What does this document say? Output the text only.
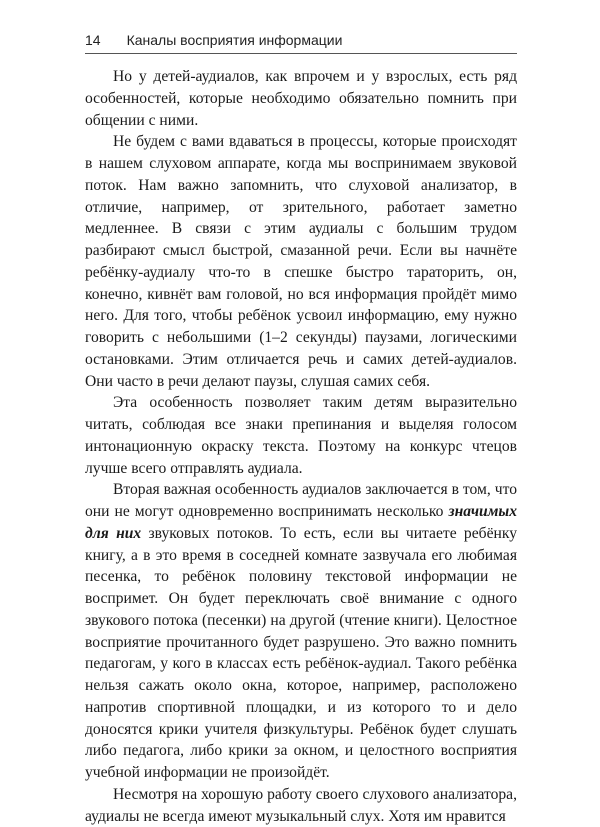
14 Каналы восприятия информации

Но у детей-аудиалов, как впрочем и у взрослых, есть ряд особенностей, которые необходимо обязательно помнить при общении с ними.

Не будем с вами вдаваться в процессы, которые происходят в нашем слуховом аппарате, когда мы воспринимаем звуковой поток. Нам важно запомнить, что слуховой анализатор, в отличие, например, от зрительного, работает заметно медленнее. В связи с этим аудиалы с большим трудом разбирают смысл быстрой, смазанной речи. Если вы начнёте ребёнку-аудиалу что-то в спешке быстро тараторить, он, конечно, кивнёт вам головой, но вся информация пройдёт мимо него. Для того, чтобы ребёнок усвоил информацию, ему нужно говорить с небольшими (1–2 секунды) паузами, логическими остановками. Этим отличается речь и самих детей-аудиалов. Они часто в речи делают паузы, слушая самих себя.

Эта особенность позволяет таким детям выразительно читать, соблюдая все знаки препинания и выделяя голосом интонационную окраску текста. Поэтому на конкурс чтецов лучше всего отправлять аудиала.

Вторая важная особенность аудиалов заключается в том, что они не могут одновременно воспринимать несколько значимых для них звуковых потоков. То есть, если вы читаете ребёнку книгу, а в это время в соседней комнате зазвучала его любимая песенка, то ребёнок половину текстовой информации не воспримет. Он будет переключать своё внимание с одного звукового потока (песенки) на другой (чтение книги). Целостное восприятие прочитанного будет разрушено. Это важно помнить педагогам, у кого в классах есть ребёнок-аудиал. Такого ребёнка нельзя сажать около окна, которое, например, расположено напротив спортивной площадки, и из которого то и дело доносятся крики учителя физкультуры. Ребёнок будет слушать либо педагога, либо крики за окном, и целостного восприятия учебной информации не произойдёт.

Несмотря на хорошую работу своего слухового анализатора, аудиалы не всегда имеют музыкальный слух. Хотя им нравится
